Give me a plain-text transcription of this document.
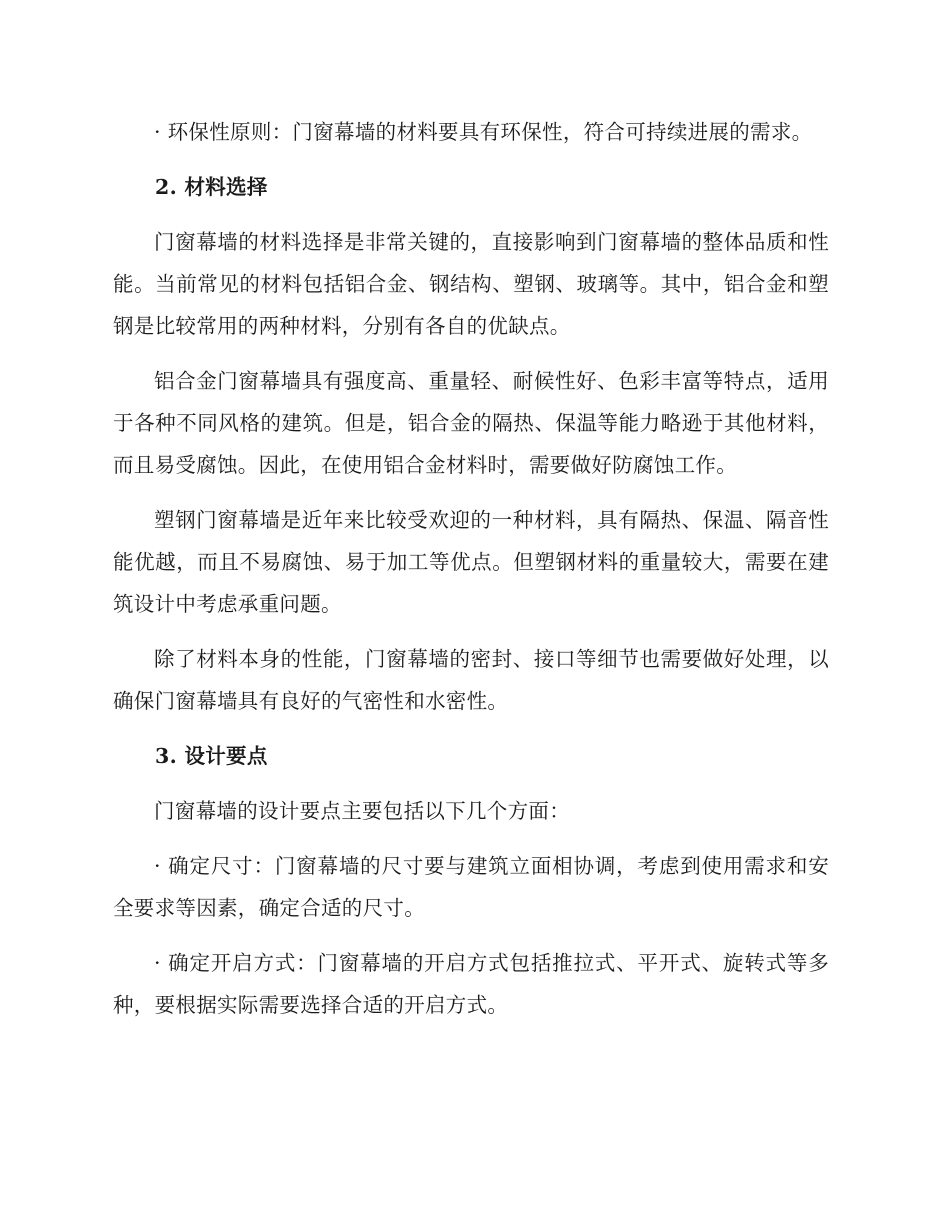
· 环保性原则：门窗幕墙的材料要具有环保性，符合可持续进展的需求。

2. 材料选择

门窗幕墙的材料选择是非常关键的，直接影响到门窗幕墙的整体品质和性能。当前常见的材料包括铝合金、钢结构、塑钢、玻璃等。其中，铝合金和塑钢是比较常用的两种材料，分别有各自的优缺点。

铝合金门窗幕墙具有强度高、重量轻、耐候性好、色彩丰富等特点，适用于各种不同风格的建筑。但是，铝合金的隔热、保温等能力略逊于其他材料，而且易受腐蚀。因此，在使用铝合金材料时，需要做好防腐蚀工作。

塑钢门窗幕墙是近年来比较受欢迎的一种材料，具有隔热、保温、隔音性能优越，而且不易腐蚀、易于加工等优点。但塑钢材料的重量较大，需要在建筑设计中考虑承重问题。

除了材料本身的性能，门窗幕墙的密封、接口等细节也需要做好处理，以确保门窗幕墙具有良好的气密性和水密性。

3. 设计要点

门窗幕墙的设计要点主要包括以下几个方面：

· 确定尺寸：门窗幕墙的尺寸要与建筑立面相协调，考虑到使用需求和安全要求等因素，确定合适的尺寸。

· 确定开启方式：门窗幕墙的开启方式包括推拉式、平开式、旋转式等多种，要根据实际需要选择合适的开启方式。
